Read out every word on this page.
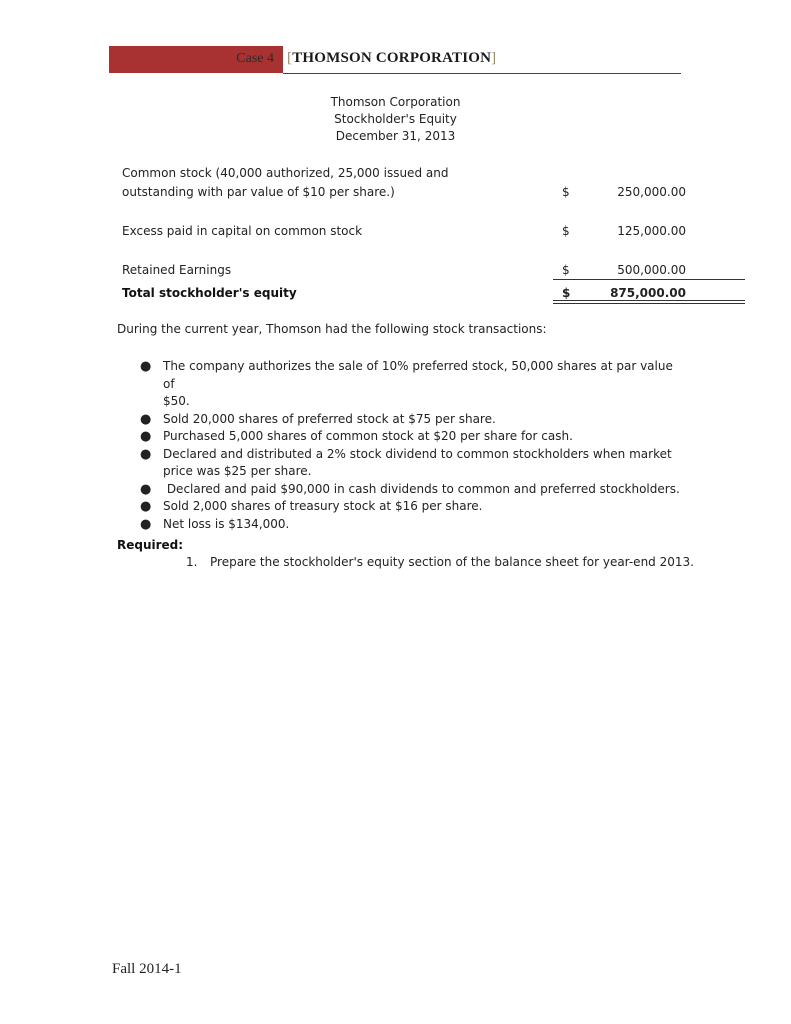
Case 4 [THOMSON CORPORATION]
Thomson Corporation
Stockholder's Equity
December 31, 2013
Common stock (40,000 authorized, 25,000 issued and
outstanding with par value of $10 per share.)	$	250,000.00
Excess paid in capital on common stock	$	125,000.00
Retained Earnings	$	500,000.00
Total stockholder's equity	$	875,000.00
During the current year, Thomson had the following stock transactions:
● The company authorizes the sale of 10% preferred stock, 50,000 shares at par value of
$50.
● Sold 20,000 shares of preferred stock at $75 per share.
● Purchased 5,000 shares of common stock at $20 per share for cash.
● Declared and distributed a 2% stock dividend to common stockholders when market
price was $25 per share.
● Declared and paid $90,000 in cash dividends to common and preferred stockholders.
● Sold 2,000 shares of treasury stock at $16 per share.
● Net loss is $134,000.
Required:
1. Prepare the stockholder's equity section of the balance sheet for year-end 2013.
Fall 2014-1
